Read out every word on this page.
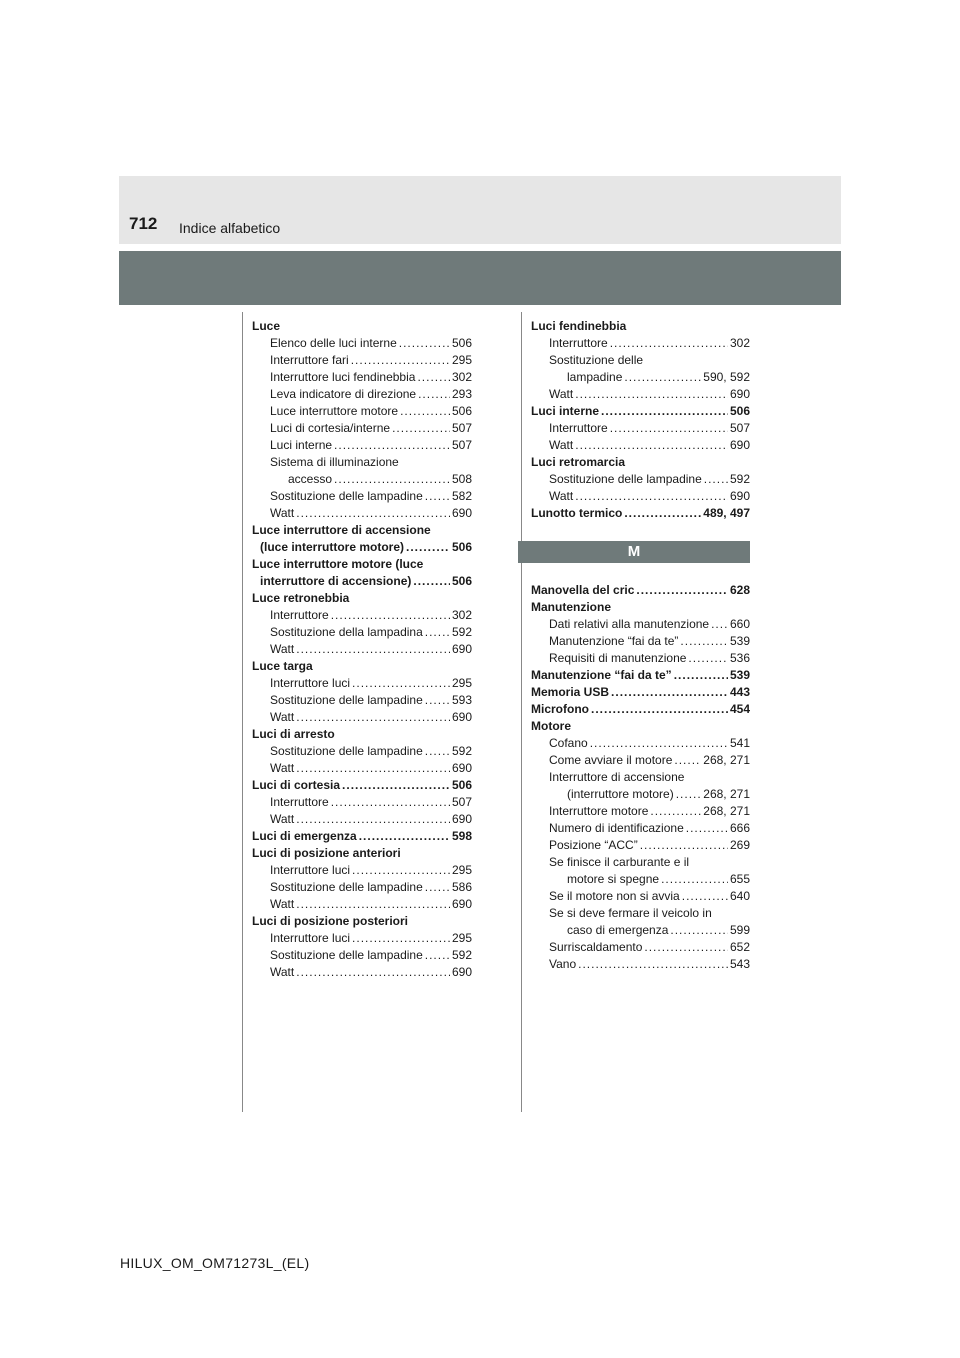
712 Indice alfabetico
Luce
Elenco delle luci interne .....	506
Interruttore fari .....	295
Interruttore luci fendinebbia .....	302
Leva indicatore di direzione .....	293
Luce interruttore motore .....	506
Luci di cortesia/interne .....	507
Luci interne .....	507
Sistema di illuminazione
accesso .....	508
Sostituzione delle lampadine ..... 582
Watt .....	690
Luce interruttore di accensione
(luce interruttore motore) .....	506
Luce interruttore motore (luce
interruttore di accensione) .....	506
Luce retronebbia
Interruttore .....	302
Sostituzione della lampadina ..... 592
Watt .....	690
Luce targa
Interruttore luci .....	295
Sostituzione delle lampadine ..... 593
Watt .....	690
Luci di arresto
Sostituzione delle lampadine ..... 592
Watt .....	690
Luci di cortesia .....	506
Interruttore .....	507
Watt .....	690
Luci di emergenza .....	598
Luci di posizione anteriori
Interruttore luci .....	295
Sostituzione delle lampadine ..... 586
Watt .....	690
Luci di posizione posteriori
Interruttore luci .....	295
Sostituzione delle lampadine ..... 592
Watt .....	690
Luci fendinebbia
Interruttore .....	302
Sostituzione delle
lampadine .....	590, 592
Watt .....	690
Luci interne .....	506
Interruttore .....	507
Watt .....	690
Luci retromarcia
Sostituzione delle lampadine ..... 592
Watt .....	690
Lunotto termico .....	489, 497
M
Manovella del cric .....	628
Manutenzione
Dati relativi alla manutenzione ..... 660
Manutenzione “fai da te” .....	539
Requisiti di manutenzione .....	536
Manutenzione “fai da te” .....	539
Memoria USB .....	443
Microfono .....	454
Motore
Cofano .....	541
Come avviare il motore .....	268, 271
Interruttore di accensione
(interruttore motore) ..... 268, 271
Interruttore motore .....	268, 271
Numero di identificazione .....	666
Posizione “ACC” .....	269
Se finisce il carburante e il
motore si spegne .....	655
Se il motore non si avvia .....	640
Se si deve fermare il veicolo in
caso di emergenza .....	599
Surriscaldamento .....	652
Vano .....	543
HILUX_OM_OM71273L_(EL)
